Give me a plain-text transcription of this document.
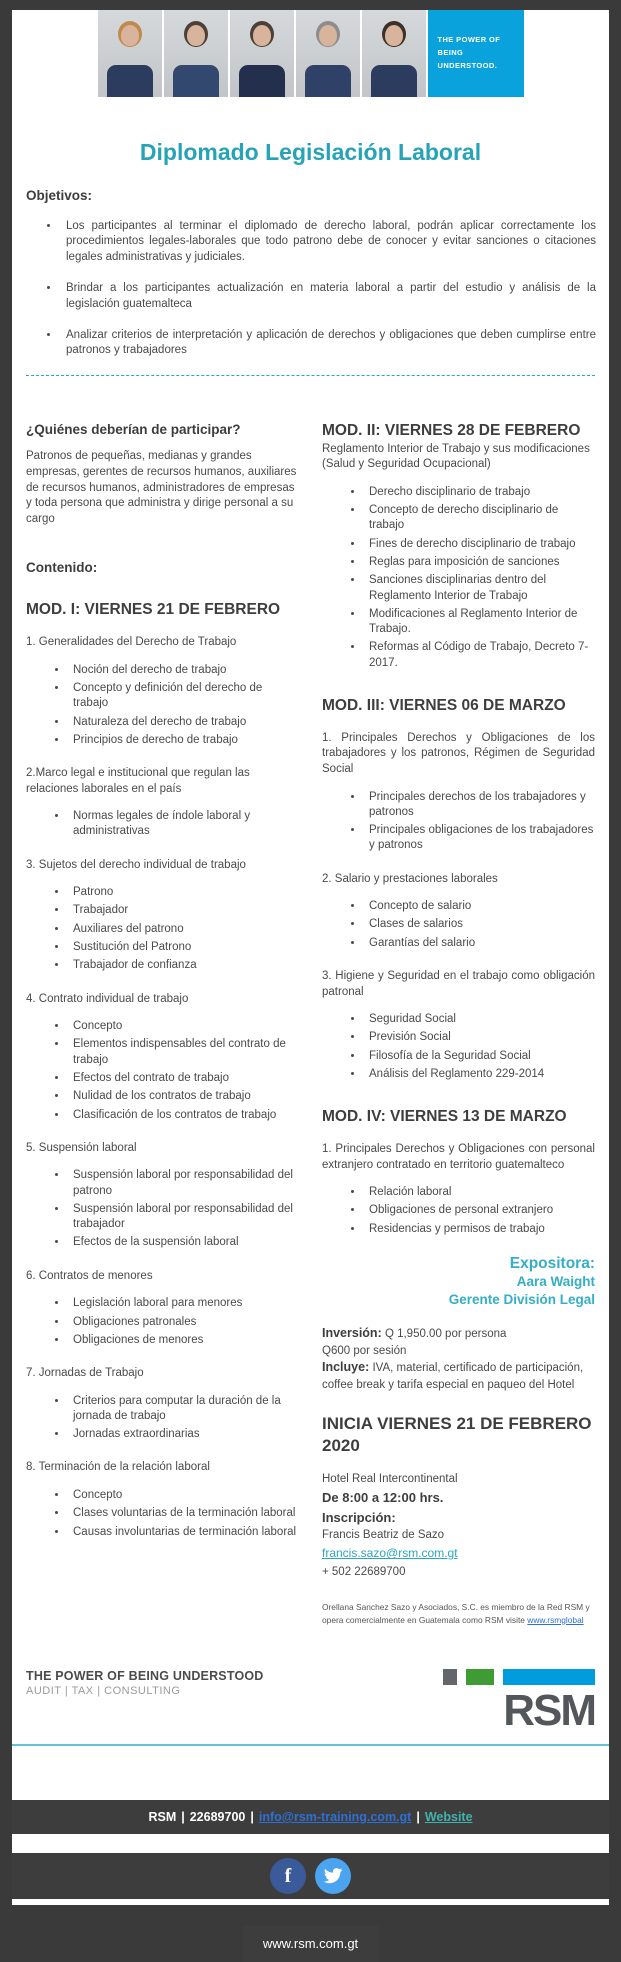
THE POWER OF
BEING UNDERSTOOD.
Diplomado Legislación Laboral
Objetivos:
• Los participantes al terminar el diplomado de derecho laboral, podrán aplicar correctamente los procedimientos legales-laborales que todo patrono debe de conocer y evitar sanciones o citaciones legales administrativas y judiciales.
• Brindar a los participantes actualización en materia laboral a partir del estudio y análisis de la legislación guatemalteca
• Analizar criterios de interpretación y aplicación de derechos y obligaciones que deben cumplirse entre patronos y trabajadores
¿Quiénes deberían de participar?

Patronos de pequeñas, medianas y grandes empresas, gerentes de recursos humanos, auxiliares de recursos humanos, administradores de empresas y toda persona que administra y dirige personal a su cargo

Contenido:
MOD. I: VIERNES 21 DE FEBRERO

1. Generalidades del Derecho de Trabajo

• Noción del derecho de trabajo
• Concepto y definición del derecho de trabajo
• Naturaleza del derecho de trabajo
• Principios de derecho de trabajo

2.Marco legal e institucional que regulan las relaciones laborales en el país

• Normas legales de índole laboral y administrativas

3. Sujetos del derecho individual de trabajo

• Patrono
• Trabajador
• Auxiliares del patrono
• Sustitución del Patrono
• Trabajador de confianza

4. Contrato individual de trabajo

• Concepto
• Elementos indispensables del contrato de trabajo
• Efectos del contrato de trabajo
• Nulidad de los contratos de trabajo
• Clasificación de los contratos de trabajo

5. Suspensión laboral

• Suspensión laboral por responsabilidad del patrono
• Suspensión laboral por responsabilidad del trabajador
• Efectos de la suspensión laboral

6. Contratos de menores

• Legislación laboral para menores
• Obligaciones patronales
• Obligaciones de menores

7. Jornadas de Trabajo

• Criterios para computar la duración de la jornada de trabajo
• Jornadas extraordinarias

8. Terminación de la relación laboral

• Concepto
• Clases voluntarias de la terminación laboral
• Causas involuntarias de terminación laboral
MOD. II: VIERNES 28 DE FEBRERO

Reglamento Interior de Trabajo y sus modificaciones (Salud y Seguridad Ocupacional)

• Derecho disciplinario de trabajo
• Concepto de derecho disciplinario de trabajo
• Fines de derecho disciplinario de trabajo
• Reglas para imposición de sanciones
• Sanciones disciplinarias dentro del Reglamento Interior de Trabajo
• Modificaciones al Reglamento Interior de Trabajo.
• Reformas al Código de Trabajo, Decreto 7-2017.
MOD. III: VIERNES 06 DE MARZO

1. Principales Derechos y Obligaciones de los trabajadores y los patronos, Régimen de Seguridad Social

• Principales derechos de los trabajadores y patronos
• Principales obligaciones de los trabajadores y patronos

2. Salario y prestaciones laborales

• Concepto de salario
• Clases de salarios
• Garantías del salario

3. Higiene y Seguridad en el trabajo como obligación patronal

• Seguridad Social
• Previsión Social
• Filosofía de la Seguridad Social
• Análisis del Reglamento 229-2014
MOD. IV: VIERNES 13 DE MARZO

1. Principales Derechos y Obligaciones con personal extranjero contratado en territorio guatemalteco

• Relación laboral
• Obligaciones de personal extranjero
• Residencias y permisos de trabajo
Expositora:
Aara Waight
Gerente División Legal
Inversión: Q 1,950.00 por persona
Q600 por sesión
Incluye: IVA, material, certificado de participación, coffee break y tarifa especial en paqueo del Hotel
INICIA VIERNES 21 DE FEBRERO 2020
Hotel Real Intercontinental
De 8:00 a 12:00 hrs.
Inscripción:
Francis Beatriz de Sazo
francis.sazo@rsm.com.gt
+ 502 22689700

Orellana Sanchez Sazo y Asociados, S.C. es miembro de la Red RSM y opera comercialmente en Guatemala como RSM visite www.rsmglobal

THE POWER OF BEING UNDERSTOOD
AUDIT | TAX | CONSULTING	RSM
RSM | 22689700 | info@rsm-training.com.gt | Website
f
www.rsm.com.gt
